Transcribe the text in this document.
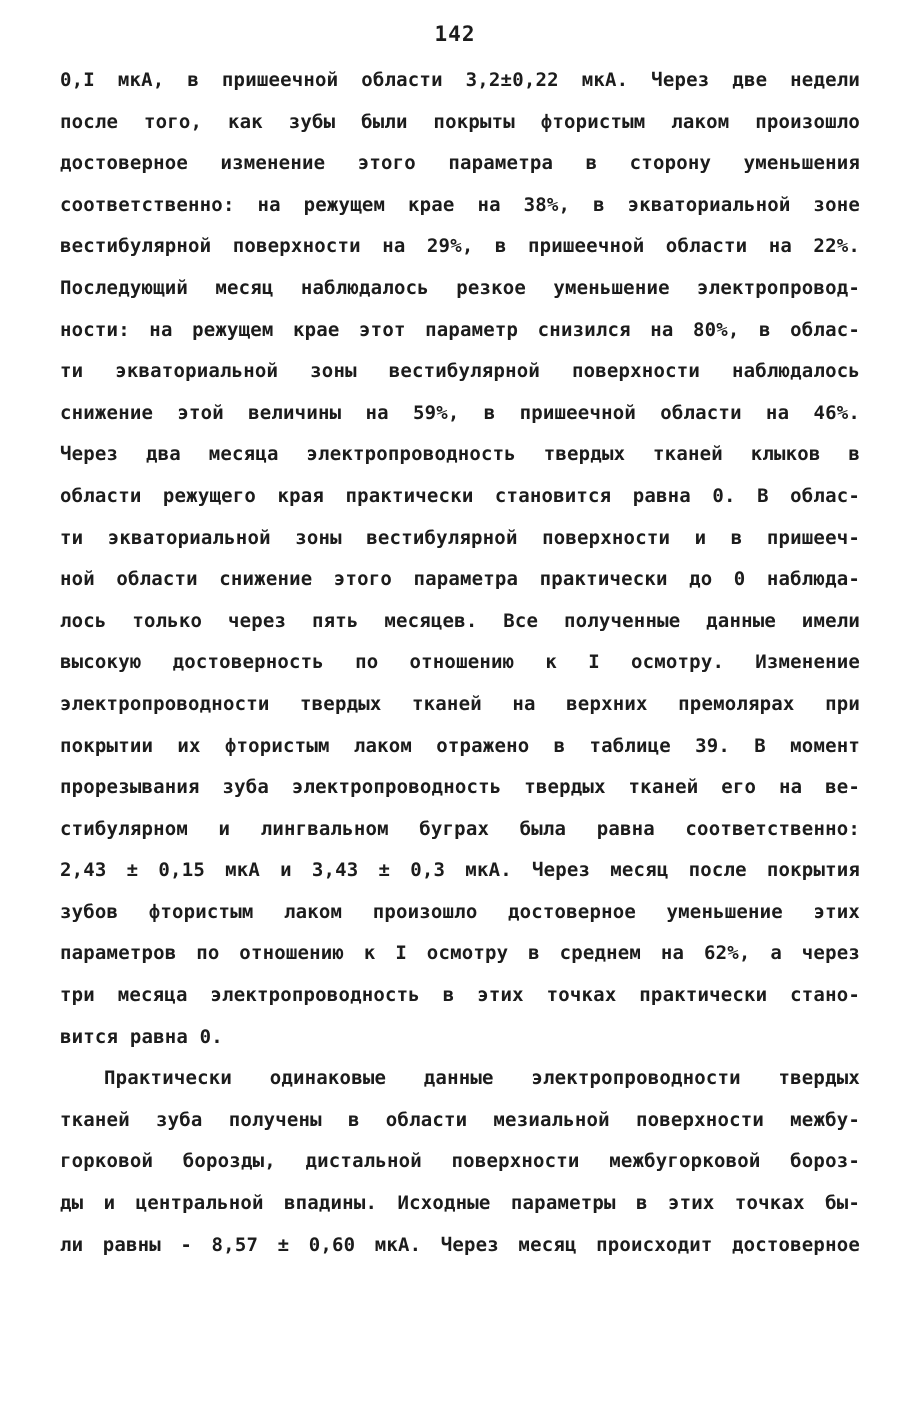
142
0,I мкА, в пришеечной области 3,2±0,22 мкА. Через две недели
после того, как зубы были покрыты фтористым лаком произошло
достоверное изменение этого параметра в сторону уменьшения
соответственно: на режущем крае на 38%, в экваториальной зоне
вестибулярной поверхности на 29%, в пришеечной области на 22%.
Последующий месяц наблюдалось резкое уменьшение электропровод-
ности: на режущем крае этот параметр снизился на 80%, в облас-
ти экваториальной зоны вестибулярной поверхности наблюдалось
снижение этой величины на 59%, в пришеечной области на 46%.
Через два месяца электропроводность твердых тканей клыков в
области режущего края практически становится равна 0. В облас-
ти экваториальной зоны вестибулярной поверхности и в пришееч-
ной области снижение этого параметра практически до 0 наблюда-
лось только через пять месяцев. Все полученные данные имели
высокую достоверность по отношению к I осмотру. Изменение
электропроводности твердых тканей на верхних премолярах при
покрытии их фтористым лаком отражено в таблице 39. В момент
прорезывания зуба электропроводность твердых тканей его на ве-
стибулярном и лингвальном буграх была равна соответственно:
2,43 ± 0,15 мкА и 3,43 ± 0,3 мкА. Через месяц после покрытия
зубов фтористым лаком произошло достоверное уменьшение этих
параметров по отношению к I осмотру в среднем на 62%, а через
три месяца электропроводность в этих точках практически стано-
вится равна 0.
Практически одинаковые данные электропроводности твердых
тканей зуба получены в области мезиальной поверхности межбу-
горковой борозды, дистальной поверхности межбугорковой бороз-
ды и центральной впадины. Исходные параметры в этих точках бы-
ли равны - 8,57 ± 0,60 мкА. Через месяц происходит достоверное
